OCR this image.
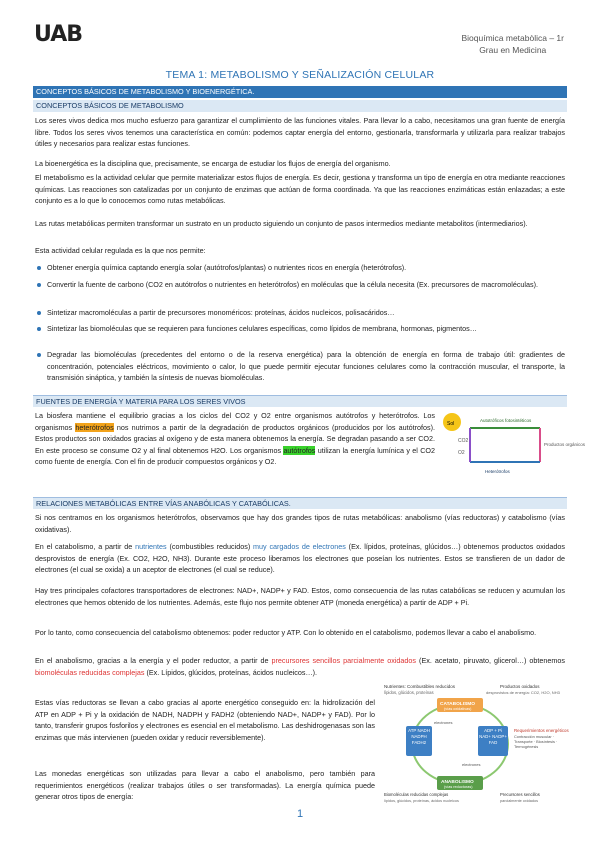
UAB	Bioquímica metabòlica – 1r
Grau en Medicina
TEMA 1: METABOLISMO Y SEÑALIZACIÓN CELULAR
CONCEPTOS BÁSICOS DE METABOLISMO Y BIOENERGÉTICA.
CONCEPTOS BÁSICOS DE METABOLISMO
Los seres vivos dedica mos mucho esfuerzo para garantizar el cumplimiento de las funciones vitales. Para llevar lo a cabo, necesitamos una gran fuente de energía libre. Todos los seres vivos tenemos una característica en común: podemos captar energía del entorno, gestionarla, transformarla y utilizarla para realizar trabajos útiles y necesarios para realizar estas funciones.
La bioenergética es la disciplina que, precisamente, se encarga de estudiar los flujos de energía del organismo.
El metabolismo es la actividad celular que permite materializar estos flujos de energía. Es decir, gestiona y transforma un tipo de energía en otra mediante reacciones químicas. Las reacciones son catalizadas por un conjunto de enzimas que actúan de forma coordinada. Ya que las reacciones enzimáticas están enlazadas; a este conjunto es a lo que lo conocemos como rutas metabólicas.
Las rutas metabólicas permiten transformar un sustrato en un producto siguiendo un conjunto de pasos intermedios mediante metabolitos (intermediarios).
Esta actividad celular regulada es la que nos permite:
Obtener energía química captando energía solar (autótrofos/plantas) o nutrientes ricos en energía (heterótrofos).
Convertir la fuente de carbono (CO2 en autótrofos o nutrientes en heterótrofos) en moléculas que la célula necesita (Ex. precursores de macromoléculas).
Sintetizar macromoléculas a partir de precursores monoméricos: proteínas, ácidos nucleicos, polisacáridos…
Sintetizar las biomoléculas que se requieren para funciones celulares específicas, como lípidos de membrana, hormonas, pigmentos…
Degradar las biomoléculas (precedentes del entorno o de la reserva energética) para la obtención de energía en forma de trabajo útil: gradientes de concentración, potenciales eléctricos, movimiento o calor, lo que puede permitir ejecutar funciones celulares como la contracción muscular, el transporte, la transmisión sináptica, y también la síntesis de nuevas biomoléculas.
FUENTES DE ENERGÍA Y MATERIA PARA LOS SERES VIVOS
La biosfera mantiene el equilibrio gracias a los ciclos del CO2 y O2 entre organismos autótrofos y heterótrofos. Los organismos heterótrofos nos nutrimos a partir de la degradación de productos orgánicos (producidos por los autótrofos). Estos productos son oxidados gracias al oxígeno y de esta manera obtenemos la energía. Se degradan pasando a ser CO2. En este proceso se consume O2 y al final obtenemos H2O. Los organismos autótrofos utilizan la energía lumínica y el CO2 como fuente de energía. Con el fin de producir compuestos orgánicos y O2.
Sol
Autotróficos fotosintéticos
Productos orgánicos
Heterótrofos
CO2
O2
RELACIONES METABÓLICAS ENTRE VÍAS ANABÓLICAS Y CATABÓLICAS.
Si nos centramos en los organismos heterótrofos, observamos que hay dos grandes tipos de rutas metabólicas: anabolismo (vías reductoras) y catabolismo (vías oxidativas).
En el catabolismo, a partir de nutrientes (combustibles reducidos) muy cargados de electrones (Ex. lípidos, proteínas, glúcidos…) obtenemos productos oxidados desprovistos de energía (Ex. CO2, H2O, NH3). Durante este proceso liberamos los electrones que poseían los nutrientes. Estos se transfieren de un dador de electrones (el cual se oxida) a un aceptor de electrones (el cual se reduce).
Hay tres principales cofactores transportadores de electrones: NAD+, NADP+ y FAD. Estos, como consecuencia de las rutas catabólicas se reducen y acumulan los electrones que hemos obtenido de los nutrientes. Además, este flujo nos permite obtener ATP (moneda energética) a partir de ADP + Pi.
Por lo tanto, como consecuencia del catabolismo obtenemos: poder reductor y ATP. Con lo obtenido en el catabolismo, podemos llevar a cabo el anabolismo.
En el anabolismo, gracias a la energía y el poder reductor, a partir de precursores sencillos parcialmente oxidados (Ex. acetato, piruvato, glicerol…) obtenemos biomoléculas reducidas complejas (Ex. Lípidos, glúcidos, proteínas, ácidos nucleicos…).
Estas vías reductoras se llevan a cabo gracias al aporte energético conseguido en: la hidrolización del ATP en ADP + Pi y la oxidación de NADH, NADPH y FADH2 (obteniendo NAD+, NADP+ y FAD). Por lo tanto, transferir grupos fosforilos y electrones es esencial en el metabolismo. Las deshidrogenasas son las enzimas que más intervienen (pueden oxidar y reducir reversiblemente).
Las monedas energéticas son utilizadas para llevar a cabo el anabolismo, pero también para requerimientos energéticos (realizar trabajos útiles o ser transformadas). La energía química puede generar otros tipos de energía:
Nutrientes: Combustibles reducidos
lípidos, glúcidos, proteínas
Productos oxidados
desprovistos de energía: CO2, H2O, NH3
CATABOLISMO
(vías oxidativas)
ANABOLISMO
(vías reductoras)
ATP NADH NADPH FADH2
ADP + Pi NAD+ NADP+ FAD
electrones
electrones
Requerimientos energéticos
Contracción muscular · Transporte · Biosíntesis · Termogénesis
Biomoléculas reducidas complejas
lípidos, glúcidos, proteínas, ácidos nucleicos
Precursores sencillos
parcialmente oxidados
1
